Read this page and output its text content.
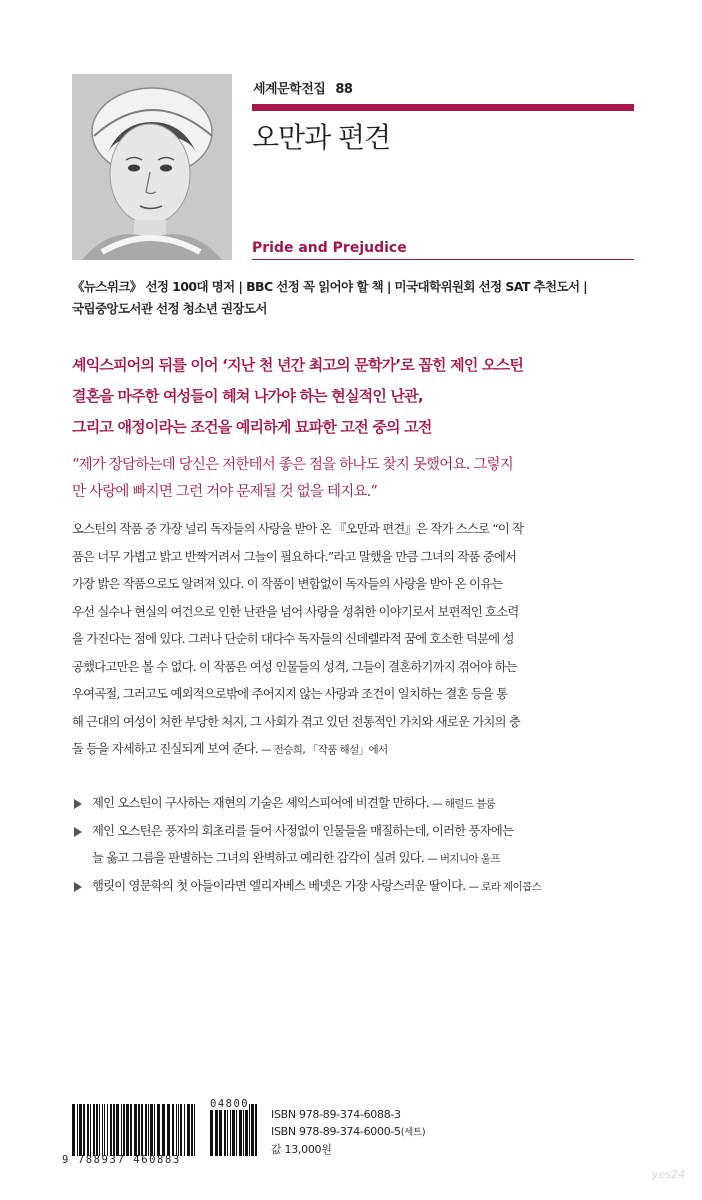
세계문학전집 88
오만과 편견
Pride and Prejudice
《뉴스위크》 선정 100대 명저 | BBC 선정 꼭 읽어야 할 책 | 미국대학위원회 선정 SAT 추천도서 |
국립중앙도서관 선정 청소년 권장도서
셰익스피어의 뒤를 이어 ‘지난 천 년간 최고의 문학가’로 꼽힌 제인 오스틴
결혼을 마주한 여성들이 헤쳐 나가야 하는 현실적인 난관,
그리고 애정이라는 조건을 예리하게 묘파한 고전 중의 고전
“제가 장담하는데 당신은 저한테서 좋은 점을 하나도 찾지 못했어요. 그렇지
만 사랑에 빠지면 그런 거야 문제될 것 없을 테지요.”
오스틴의 작품 중 가장 널리 독자들의 사랑을 받아 온 『오만과 편견』은 작가 스스로 “이 작
품은 너무 가볍고 밝고 반짝거려서 그늘이 필요하다.”라고 말했을 만큼 그녀의 작품 중에서
가장 밝은 작품으로도 알려져 있다. 이 작품이 변함없이 독자들의 사랑을 받아 온 이유는
우선 실수나 현실의 여건으로 인한 난관을 넘어 사랑을 성취한 이야기로서 보편적인 호소력
을 가진다는 점에 있다. 그러나 단순히 대다수 독자들의 신데렐라적 꿈에 호소한 덕분에 성
공했다고만은 볼 수 없다. 이 작품은 여성 인물들의 성격, 그들이 결혼하기까지 겪어야 하는
우여곡절, 그러고도 예외적으로밖에 주어지지 않는 사랑과 조건이 일치하는 결혼 등을 통
해 근대의 여성이 처한 부당한 처지, 그 사회가 겪고 있던 전통적인 가치와 새로운 가치의 충
돌 등을 자세하고 진실되게 보여 준다. — 전승희, 「작품 해설」에서
제인 오스틴이 구사하는 재현의 기술은 셰익스피어에 비견할 만하다. — 해럴드 블룸
제인 오스틴은 풍자의 회초리를 들어 사정없이 인물들을 매질하는데, 이러한 풍자에는
늘 옳고 그름을 판별하는 그녀의 완벽하고 예리한 감각이 실려 있다. — 버지니아 울프
햄릿이 영문학의 첫 아들이라면 엘리자베스 베넷은 가장 사랑스러운 딸이다. — 로라 제이콥스
04800
9 788937 460883
ISBN 978-89-374-6088-3
ISBN 978-89-374-6000-5(세트)
값 13,000원
yes24
